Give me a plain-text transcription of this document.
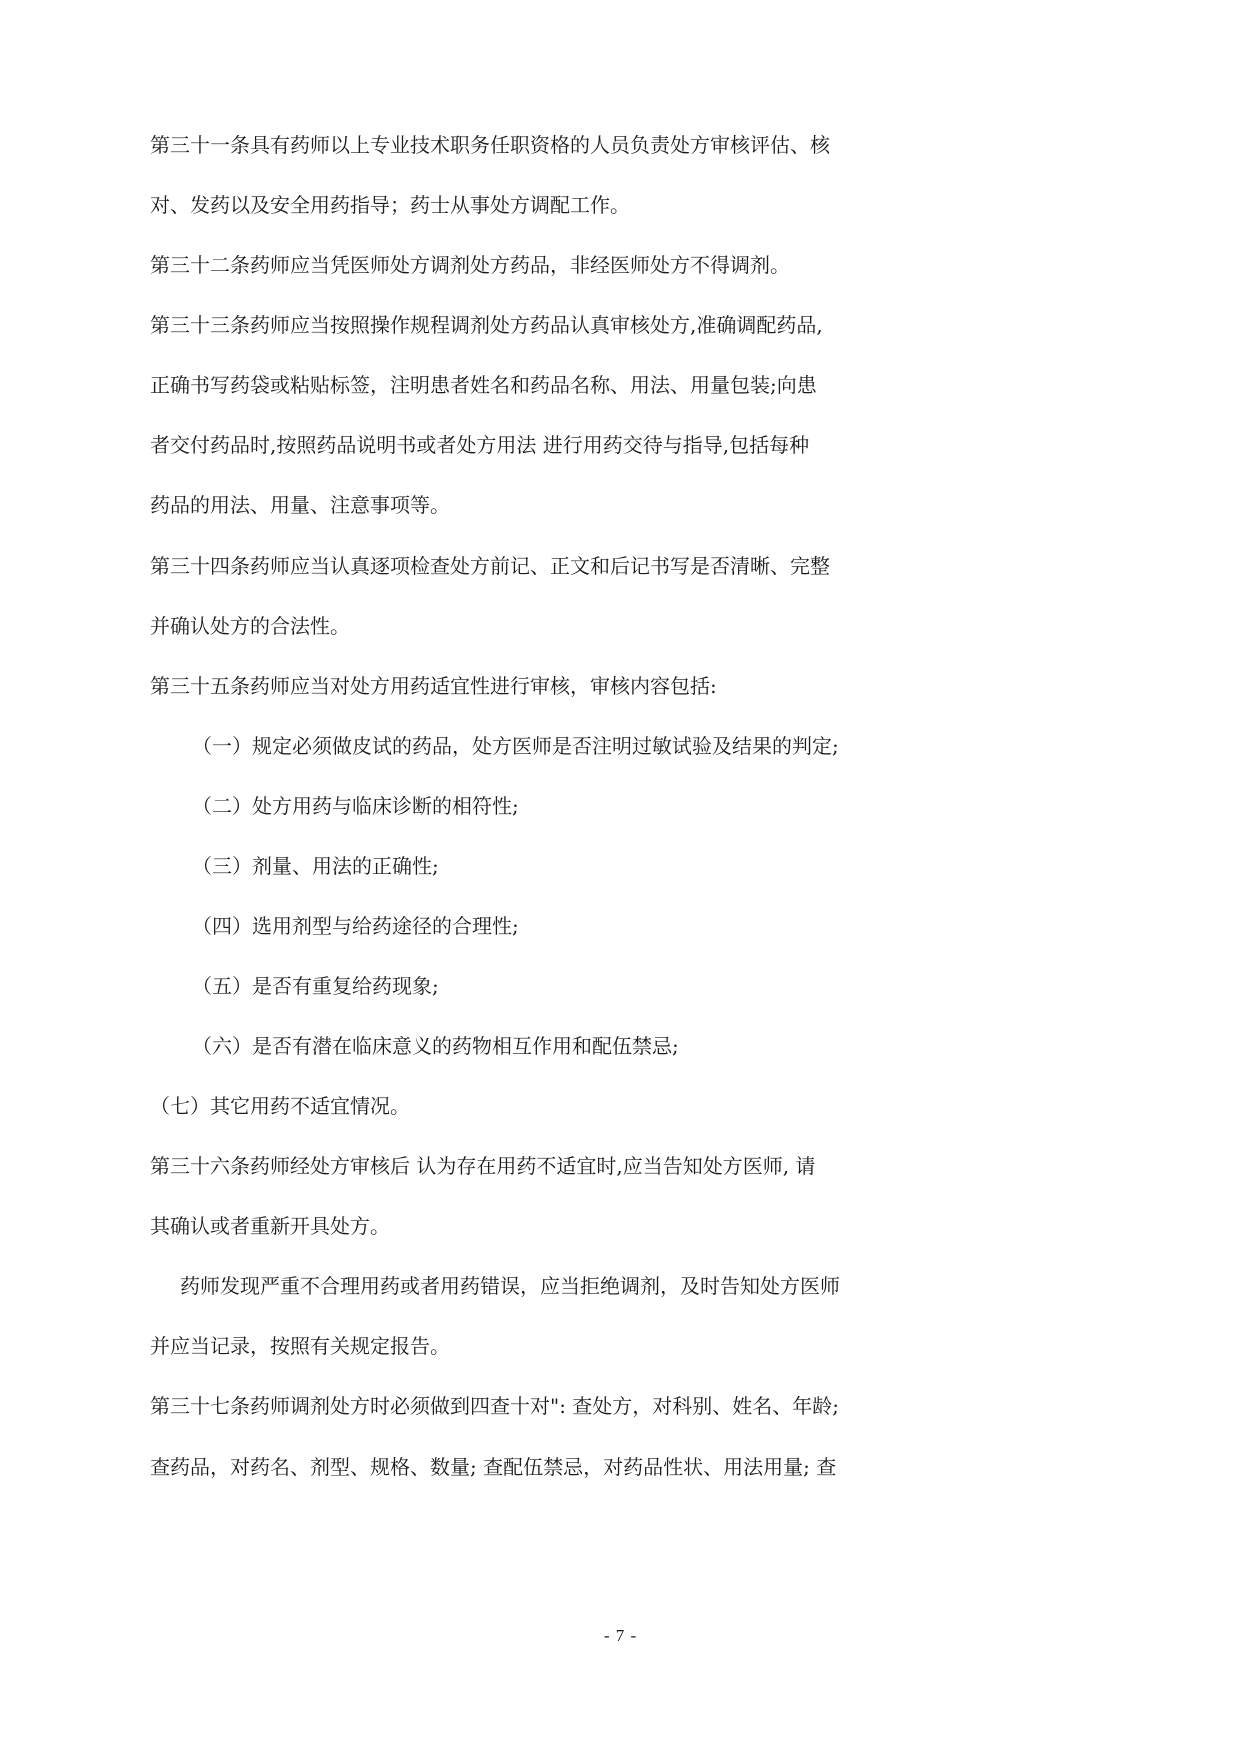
第三十一条具有药师以上专业技术职务任职资格的人员负责处方审核评估、核
对、发药以及安全用药指导；药士从事处方调配工作。
第三十二条药师应当凭医师处方调剂处方药品，非经医师处方不得调剂。
第三十三条药师应当按照操作规程调剂处方药品认真审核处方,准确调配药品,
正确书写药袋或粘贴标签，注明患者姓名和药品名称、用法、用量包装;向患
者交付药品时,按照药品说明书或者处方用法 进行用药交待与指导,包括每种
药品的用法、用量、注意事项等。
第三十四条药师应当认真逐项检查处方前记、正文和后记书写是否清晰、完整
并确认处方的合法性。
第三十五条药师应当对处方用药适宜性进行审核，审核内容包括:
（一）规定必须做皮试的药品，处方医师是否注明过敏试验及结果的判定;
（二）处方用药与临床诊断的相符性;
（三）剂量、用法的正确性;
（四）选用剂型与给药途径的合理性;
（五）是否有重复给药现象;
（六）是否有潜在临床意义的药物相互作用和配伍禁忌;
（七）其它用药不适宜情况。
第三十六条药师经处方审核后 认为存在用药不适宜时,应当告知处方医师, 请
其确认或者重新开具处方。
药师发现严重不合理用药或者用药错误，应当拒绝调剂，及时告知处方医师
并应当记录，按照有关规定报告。
第三十七条药师调剂处方时必须做到四查十对": 查处方，对科别、姓名、年龄;
查药品，对药名、剂型、规格、数量; 查配伍禁忌，对药品性状、用法用量; 查
- 7 -
